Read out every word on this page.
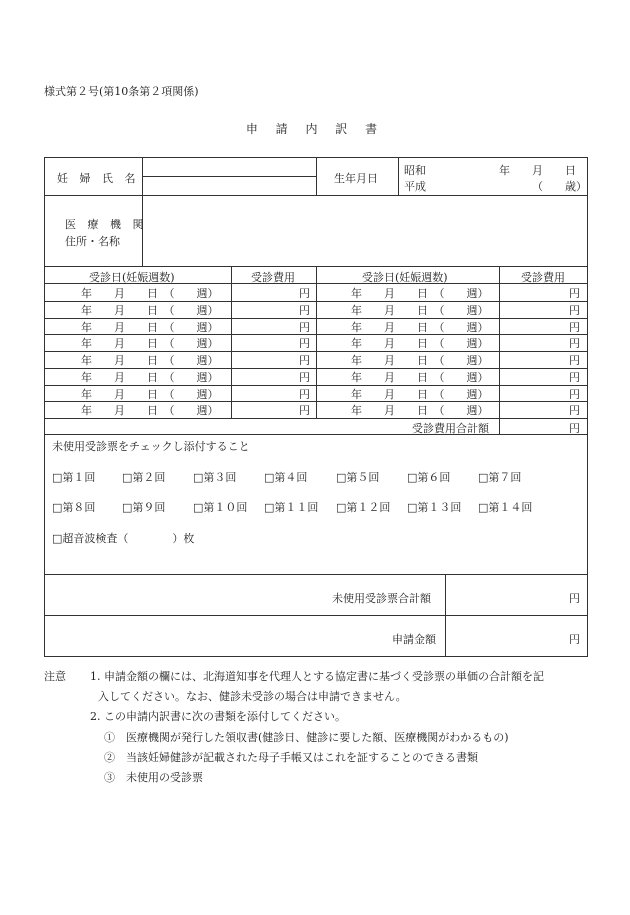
様式第２号(第10条第２項関係)
申 請 内 訳 書
妊 婦 氏 名	生年月日
昭和	年　　月　　日
平成	（　　歳）
医 療 機 関
住所・名称
受診日(妊娠週数)	受診費用	受診日(妊娠週数)	受診費用
年　　月　　日　（　　週）	円	年　　月　　日　（　　週）	円
年　　月　　日　（　　週）	円	年　　月　　日　（　　週）	円
年　　月　　日　（　　週）	円	年　　月　　日　（　　週）	円
年　　月　　日　（　　週）	円	年　　月　　日　（　　週）	円
年　　月　　日　（　　週）	円	年　　月　　日　（　　週）	円
年　　月　　日　（　　週）	円	年　　月　　日　（　　週）	円
年　　月　　日　（　　週）	円	年　　月　　日　（　　週）	円
年　　月　　日　（　　週）	円	年　　月　　日　（　　週）	円
受診費用合計額	円
未使用受診票をチェックし添付すること
□第１回 □第２回	□第３回	□第４回	□第５回	□第６回	□第７回
□第８回 □第９回	□第１０回 □第１１回 □第１２回 □第１３回 □第１４回
□超音波検査（	）枚
未使用受診票合計額	円
申請金額	円
注意 1. 申請金額の欄には、北海道知事を代理人とする協定書に基づく受診票の単価の合計額を記
入してください。なお、健診未受診の場合は申請できません。
2. この申請内訳書に次の書類を添付してください。
①　医療機関が発行した領収書(健診日、健診に要した額、医療機関がわかるもの)
②　当該妊婦健診が記載された母子手帳又はこれを証することのできる書類
③　未使用の受診票
